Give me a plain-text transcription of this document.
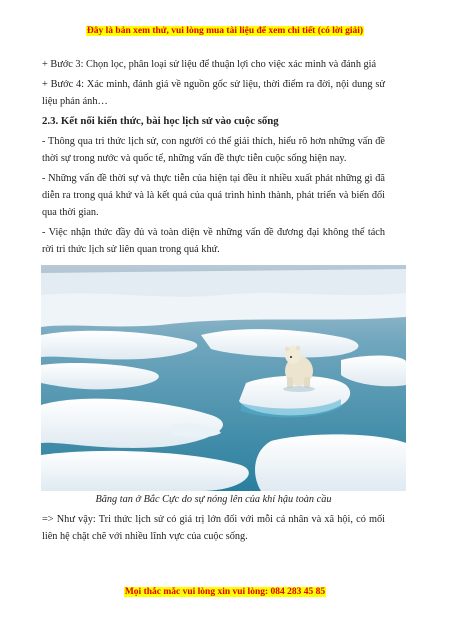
Đây là bản xem thử, vui lòng mua tài liệu để xem chi tiết (có lời giải)

+ Bước 3: Chọn lọc, phân loại sử liệu để thuận lợi cho việc xác minh và đánh giá

+ Bước 4: Xác minh, đánh giá về nguồn gốc sử liệu, thời điểm ra đời, nội dung sử liệu phản ánh…

2.3. Kết nối kiến thức, bài học lịch sử vào cuộc sống

- Thông qua tri thức lịch sử, con người có thể giải thích, hiểu rõ hơn những vấn đề thời sự trong nước và quốc tế, những vấn đề thực tiễn cuộc sống hiện nay.

- Những vấn đề thời sự và thực tiễn của hiện tại đều ít nhiều xuất phát những gì đã diễn ra trong quá khứ và là kết quả của quá trình hình thành, phát triển và biến đổi qua thời gian.

- Việc nhận thức đầy đủ và toàn diện về những vấn đề đương đại không thể tách rời tri thức lịch sử liên quan trong quá khứ.

Băng tan ở Bắc Cực do sự nóng lên của khí hậu toàn cầu

=> Như vậy: Tri thức lịch sử có giá trị lớn đối với mỗi cá nhân và xã hội, có mối liên hệ chặt chẽ với nhiều lĩnh vực của cuộc sống.

Mọi thắc mắc vui lòng xin vui lòng: 084 283 45 85
